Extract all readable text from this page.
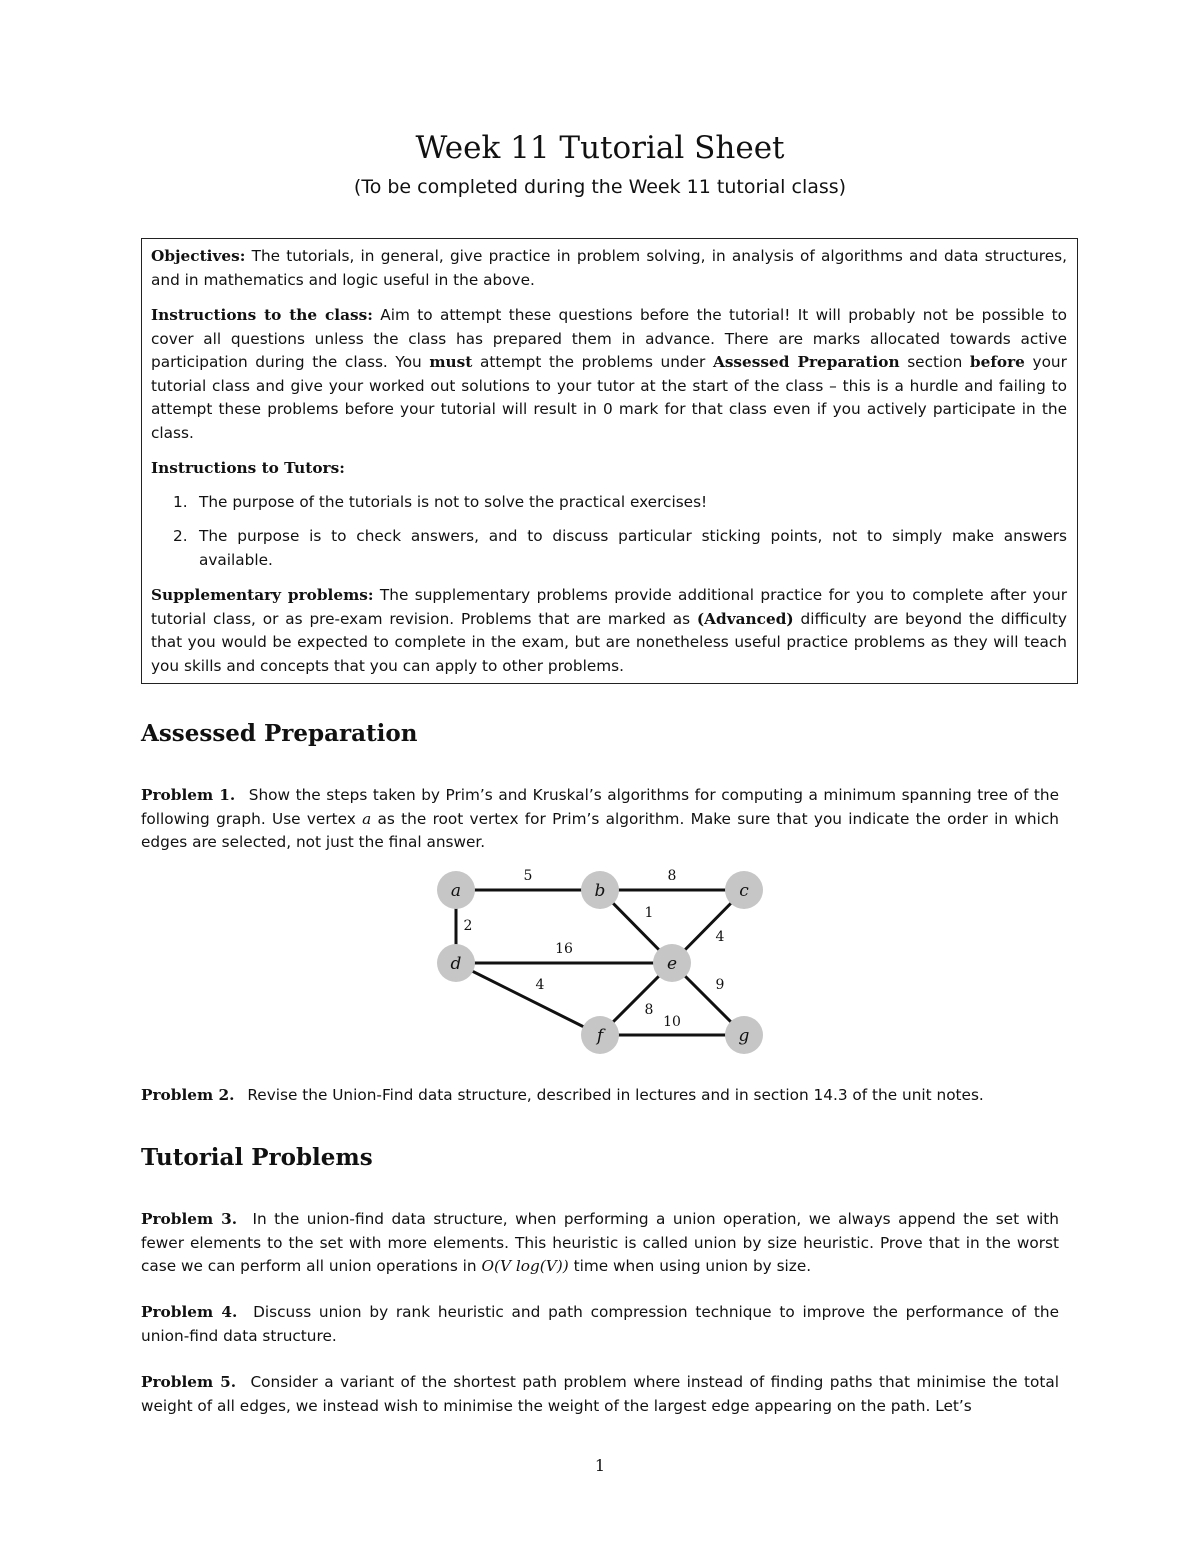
Week 11 Tutorial Sheet

(To be completed during the Week 11 tutorial class)

Objectives: The tutorials, in general, give practice in problem solving, in analysis of algorithms and data structures, and in mathematics and logic useful in the above.

Instructions to the class: Aim to attempt these questions before the tutorial! It will probably not be possible to cover all questions unless the class has prepared them in advance. There are marks allocated towards active participation during the class. You must attempt the problems under Assessed Preparation section before your tutorial class and give your worked out solutions to your tutor at the start of the class – this is a hurdle and failing to attempt these problems before your tutorial will result in 0 mark for that class even if you actively participate in the class.

Instructions to Tutors:

1. The purpose of the tutorials is not to solve the practical exercises!
2. The purpose is to check answers, and to discuss particular sticking points, not to simply make answers available.

Supplementary problems: The supplementary problems provide additional practice for you to complete after your tutorial class, or as pre-exam revision. Problems that are marked as (Advanced) difficulty are beyond the difficulty that you would be expected to complete in the exam, but are nonetheless useful practice problems as they will teach you skills and concepts that you can apply to other problems.

Assessed Preparation

Problem 1. Show the steps taken by Prim’s and Kruskal’s algorithms for computing a minimum spanning tree of the following graph. Use vertex a as the root vertex for Prim’s algorithm. Make sure that you indicate the order in which edges are selected, not just the final answer.

5	8
2
1
4
16
4
8
9
10
a	b	c
d	e
f	g

Problem 2. Revise the Union-Find data structure, described in lectures and in section 14.3 of the unit notes.

Tutorial Problems

Problem 3. In the union-find data structure, when performing a union operation, we always append the set with fewer elements to the set with more elements. This heuristic is called union by size heuristic. Prove that in the worst case we can perform all union operations in O(V log(V)) time when using union by size.

Problem 4. Discuss union by rank heuristic and path compression technique to improve the performance of the union-find data structure.

Problem 5. Consider a variant of the shortest path problem where instead of finding paths that minimise the total weight of all edges, we instead wish to minimise the weight of the largest edge appearing on the path. Let’s

1
